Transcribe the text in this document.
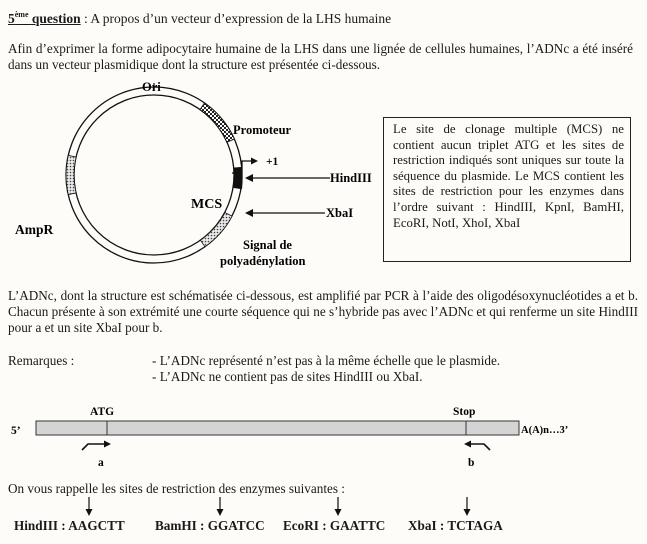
5ème question : A propos d’un vecteur d’expression de la LHS humaine
Afin d’exprimer la forme adipocytaire humaine de la LHS dans une lignée de cellules humaines, l’ADNc a été inséré dans un vecteur plasmidique dont la structure est présentée ci-dessous.
Ori
Promoteur
+1
HindIII
MCS
XbaI
AmpR
Signal de
polyadénylation
Le site de clonage multiple (MCS) ne contient aucun triplet ATG et les sites de restriction indiqués sont uniques sur toute la séquence du plasmide. Le MCS contient les sites de restriction pour les enzymes dans l’ordre suivant : HindIII, KpnI, BamHI, EcoRI, NotI, XhoI, XbaI
L’ADNc, dont la structure est schématisée ci-dessous, est amplifié par PCR à l’aide des oligodésoxynucléotides a et b. Chacun présente à son extrémité une courte séquence qui ne s’hybride pas avec l’ADNc et qui renferme un site HindIII pour a et un site XbaI pour b.
Remarques :	- L’ADNc représenté n’est pas à la même échelle que le plasmide.
- L’ADNc ne contient pas de sites HindIII ou XbaI.
5’
ATG	Stop
A(A)n…3’
a	b
On vous rappelle les sites de restriction des enzymes suivantes :
HindIII : AAGCTT BamHI : GGATCC EcoRI : GAATTC XbaI : TCTAGA
